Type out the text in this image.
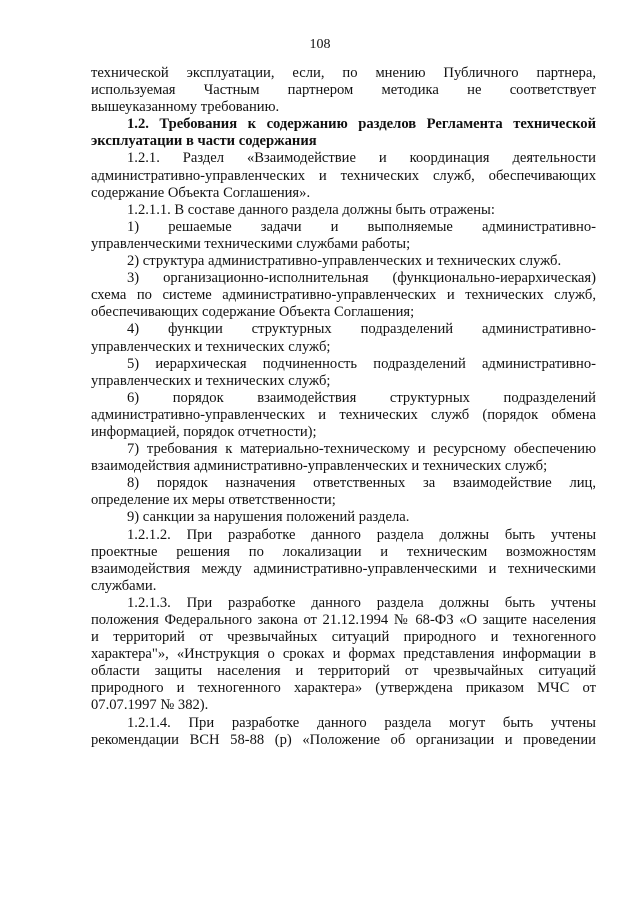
108
технической эксплуатации, если, по мнению Публичного партнера,
используемая Частным партнером методика не соответствует
вышеуказанному требованию.
1.2. Требования к содержанию разделов Регламента технической
эксплуатации в части содержания
1.2.1. Раздел «Взаимодействие и координация деятельности
административно-управленческих и технических служб, обеспечивающих
содержание Объекта Соглашения».
1.2.1.1. В составе данного раздела должны быть отражены:
1) решаемые задачи и выполняемые административно-
управленческими техническими службами работы;
2) структура административно-управленческих и технических служб.
3) организационно-исполнительная (функционально-иерархическая)
схема по системе административно-управленческих и технических служб,
обеспечивающих содержание Объекта Соглашения;
4) функции структурных подразделений административно-
управленческих и технических служб;
5) иерархическая подчиненность подразделений административно-
управленческих и технических служб;
6) порядок взаимодействия структурных подразделений
административно-управленческих и технических служб (порядок обмена
информацией, порядок отчетности);
7) требования к материально-техническому и ресурсному обеспечению
взаимодействия административно-управленческих и технических служб;
8) порядок назначения ответственных за взаимодействие лиц,
определение их меры ответственности;
9) санкции за нарушения положений раздела.
1.2.1.2. При разработке данного раздела должны быть учтены
проектные решения по локализации и техническим возможностям
взаимодействия между административно-управленческими и техническими
службами.
1.2.1.3. При разработке данного раздела должны быть учтены
положения Федерального закона от 21.12.1994 № 68-ФЗ «О защите населения
и территорий от чрезвычайных ситуаций природного и техногенного
характера"», «Инструкция о сроках и формах представления информации в
области защиты населения и территорий от чрезвычайных ситуаций
природного и техногенного характера» (утверждена приказом МЧС от
07.07.1997 № 382).
1.2.1.4. При разработке данного раздела могут быть учтены
рекомендации ВСН 58-88 (р) «Положение об организации и проведении
